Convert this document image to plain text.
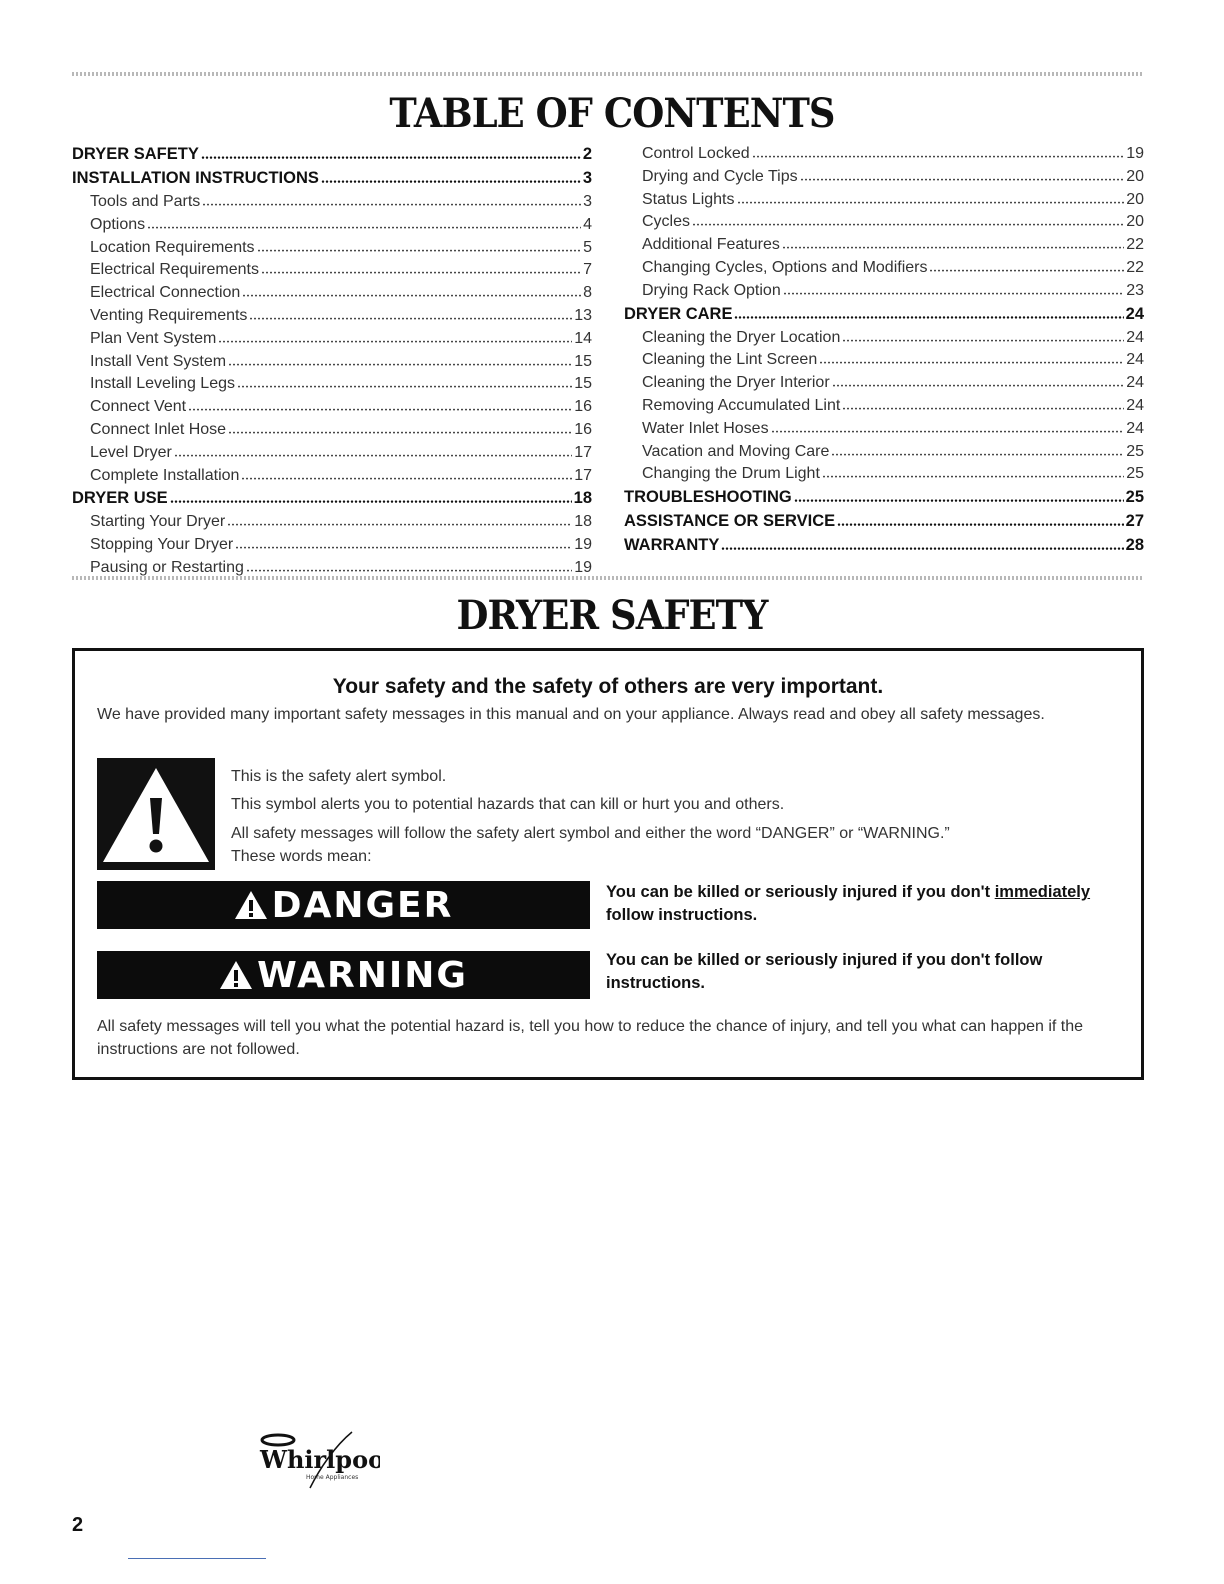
TABLE OF CONTENTS
DRYER SAFETY	2
INSTALLATION INSTRUCTIONS	3
Tools and Parts	3
Options	4
Location Requirements	5
Electrical Requirements	7
Electrical Connection	8
Venting Requirements	13
Plan Vent System	14
Install Vent System	15
Install Leveling Legs	15
Connect Vent	16
Connect Inlet Hose	16
Level Dryer	17
Complete Installation	17
DRYER USE	18
Starting Your Dryer	18
Stopping Your Dryer	19
Pausing or Restarting	19
Control Locked	19
Drying and Cycle Tips	20
Status Lights	20
Cycles	20
Additional Features	22
Changing Cycles, Options and Modifiers	22
Drying Rack Option	23
DRYER CARE	24
Cleaning the Dryer Location	24
Cleaning the Lint Screen	24
Cleaning the Dryer Interior	24
Removing Accumulated Lint	24
Water Inlet Hoses	24
Vacation and Moving Care	25
Changing the Drum Light	25
TROUBLESHOOTING	25
ASSISTANCE OR SERVICE	27
WARRANTY	28
DRYER SAFETY
Your safety and the safety of others are very important.
We have provided many important safety messages in this manual and on your appliance. Always read and obey all safety messages.
This is the safety alert symbol.
This symbol alerts you to potential hazards that can kill or hurt you and others.
All safety messages will follow the safety alert symbol and either the word “DANGER” or “WARNING.”
These words mean:
DANGER	You can be killed or seriously injured if you don't immediately
follow instructions.
WARNING	You can be killed or seriously injured if you don't follow instructions.
All safety messages will tell you what the potential hazard is, tell you how to reduce the chance of injury, and tell you what can happen if the instructions are not followed.
Whirlpool
Home Appliances
2
